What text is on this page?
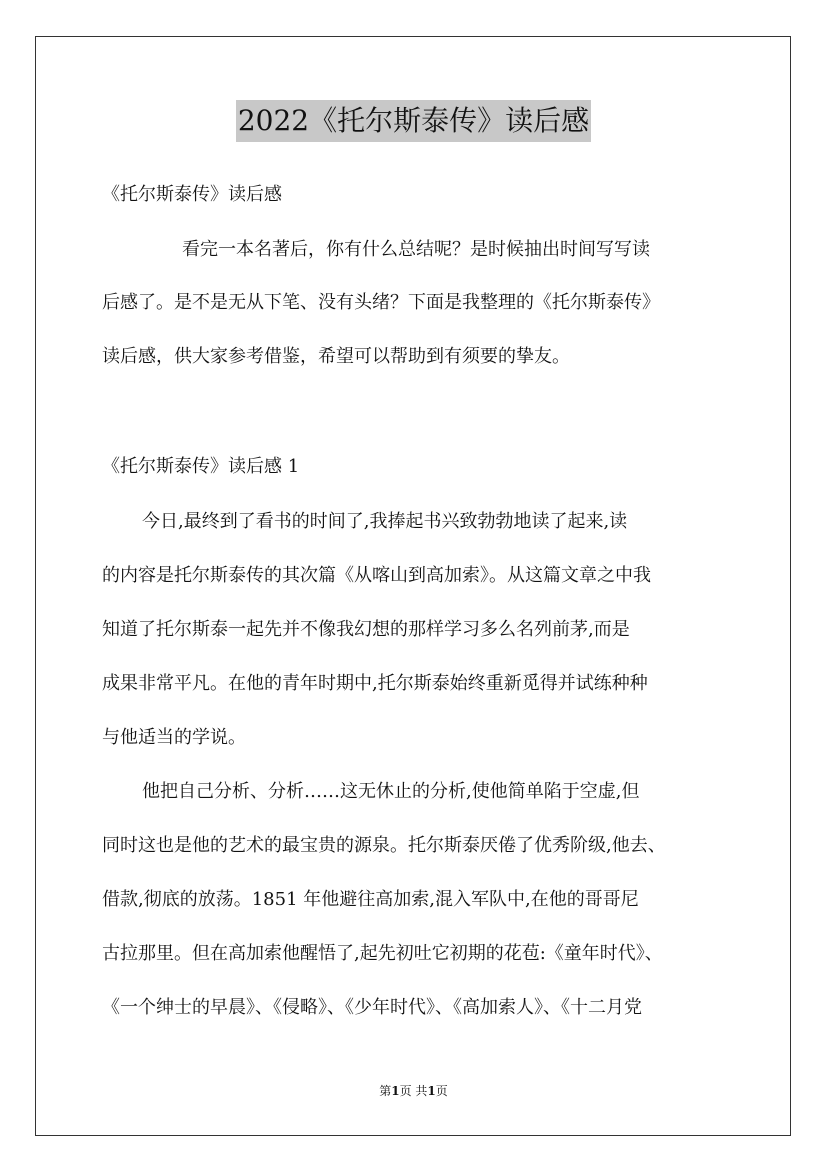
2022《托尔斯泰传》读后感
《托尔斯泰传》读后感
看完一本名著后，你有什么总结呢？是时候抽出时间写写读
后感了。是不是无从下笔、没有头绪？下面是我整理的《托尔斯泰传》
读后感，供大家参考借鉴，希望可以帮助到有须要的挚友。
《托尔斯泰传》读后感 1
今日,最终到了看书的时间了,我捧起书兴致勃勃地读了起来,读
的内容是托尔斯泰传的其次篇《从喀山到高加索》。从这篇文章之中我
知道了托尔斯泰一起先并不像我幻想的那样学习多么名列前茅,而是
成果非常平凡。在他的青年时期中,托尔斯泰始终重新觅得并试练种种
与他适当的学说。
他把自己分析、分析……这无休止的分析,使他简单陷于空虚,但
同时这也是他的艺术的最宝贵的源泉。托尔斯泰厌倦了优秀阶级,他去、
借款,彻底的放荡。1851 年他避往高加索,混入军队中,在他的哥哥尼
古拉那里。但在高加索他醒悟了,起先初吐它初期的花苞:《童年时代》、
《一个绅士的早晨》、《侵略》、《少年时代》、《高加索人》、《十二月党
第1页 共1页
